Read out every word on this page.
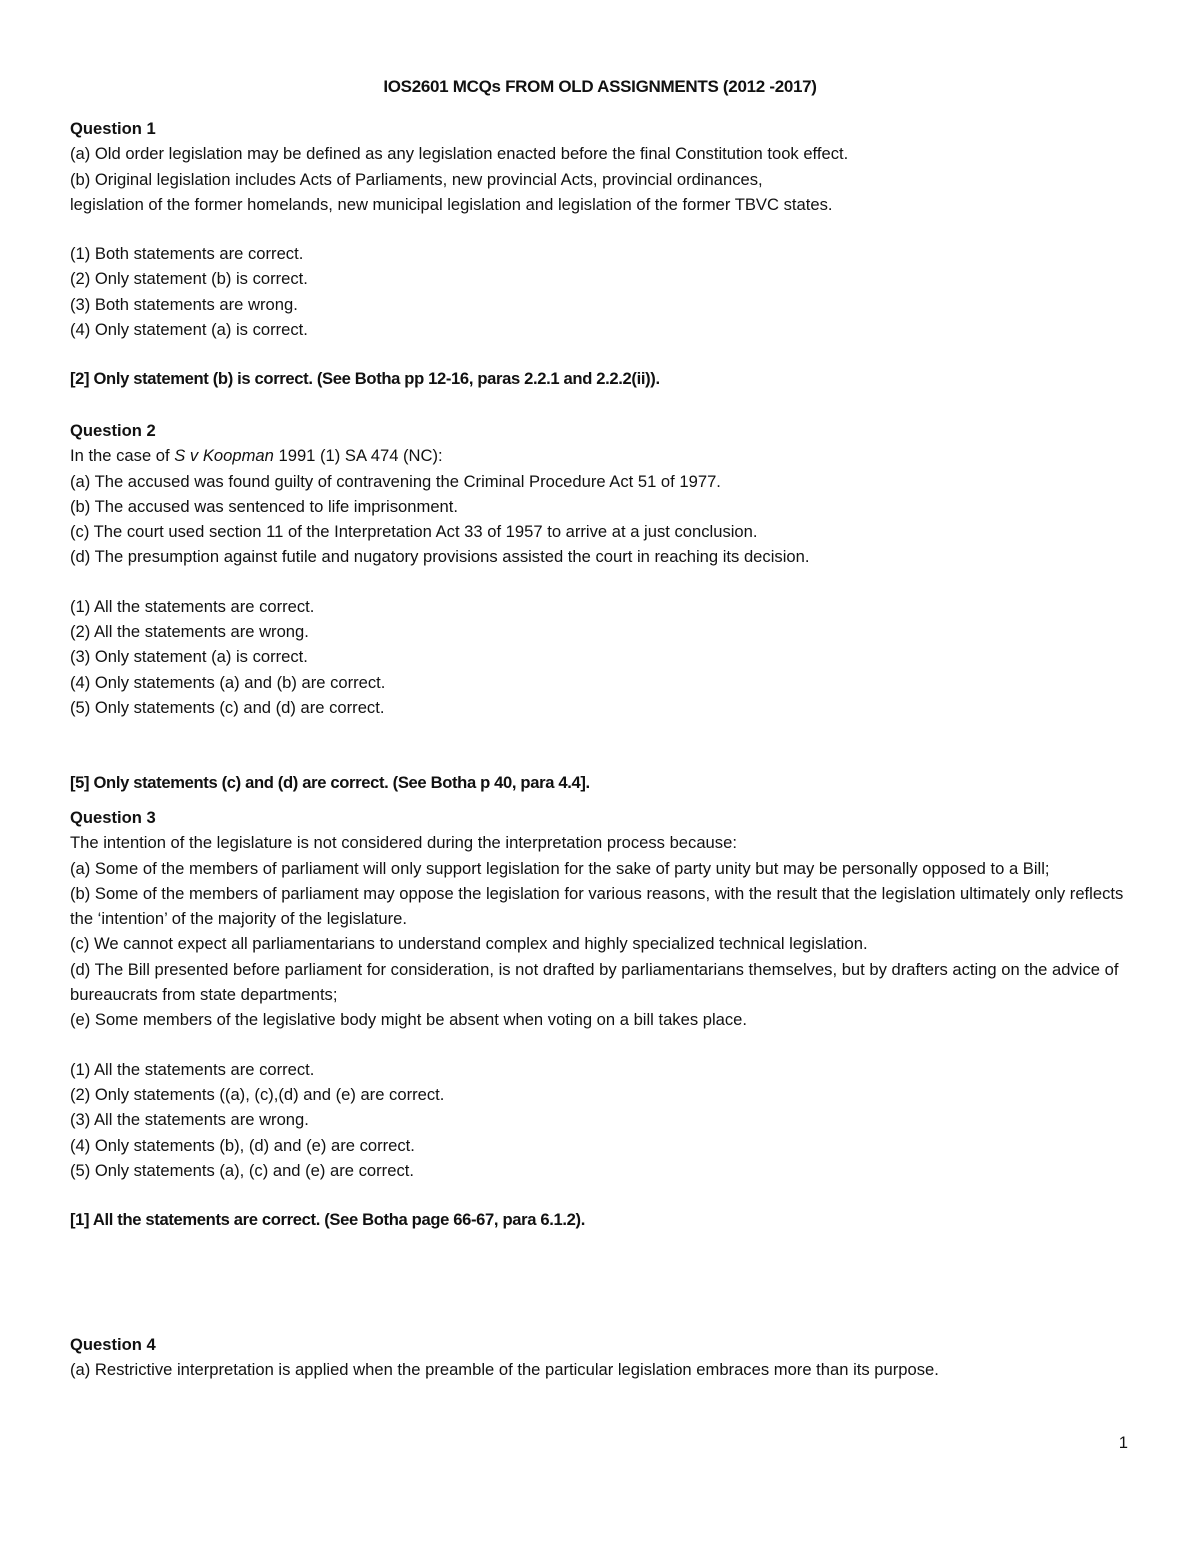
IOS2601 MCQs FROM OLD ASSIGNMENTS (2012 -2017)
Question 1
(a) Old order legislation may be defined as any legislation enacted before the final Constitution took effect.
(b) Original legislation includes Acts of Parliaments, new provincial Acts, provincial ordinances,
legislation of the former homelands, new municipal legislation and legislation of the former TBVC states.
(1) Both statements are correct.
(2) Only statement (b) is correct.
(3) Both statements are wrong.
(4) Only statement (a) is correct.
[2] Only statement (b) is correct. (See Botha pp 12-16, paras 2.2.1 and 2.2.2(ii)).
Question 2
In the case of S v Koopman 1991 (1) SA 474 (NC):
(a) The accused was found guilty of contravening the Criminal Procedure Act 51 of 1977.
(b) The accused was sentenced to life imprisonment.
(c) The court used section 11 of the Interpretation Act 33 of 1957 to arrive at a just conclusion.
(d) The presumption against futile and nugatory provisions assisted the court in reaching its decision.
(1) All the statements are correct.
(2) All the statements are wrong.
(3) Only statement (a) is correct.
(4) Only statements (a) and (b) are correct.
(5) Only statements (c) and (d) are correct.
[5] Only statements (c) and (d) are correct. (See Botha p 40, para 4.4].
Question 3
The intention of the legislature is not considered during the interpretation process because:
(a) Some of the members of parliament will only support legislation for the sake of party unity but may be personally opposed to a Bill;
(b) Some of the members of parliament may oppose the legislation for various reasons, with the result that the legislation ultimately only reflects the ‘intention’ of the majority of the legislature.
(c) We cannot expect all parliamentarians to understand complex and highly specialized technical legislation.
(d) The Bill presented before parliament for consideration, is not drafted by parliamentarians themselves, but by drafters acting on the advice of bureaucrats from state departments;
(e) Some members of the legislative body might be absent when voting on a bill takes place.
(1) All the statements are correct.
(2) Only statements ((a), (c),(d) and (e) are correct.
(3) All the statements are wrong.
(4) Only statements (b), (d) and (e) are correct.
(5) Only statements (a), (c) and (e) are correct.
[1] All the statements are correct. (See Botha page 66-67, para 6.1.2).
Question 4
(a) Restrictive interpretation is applied when the preamble of the particular legislation embraces more than its purpose.
1
